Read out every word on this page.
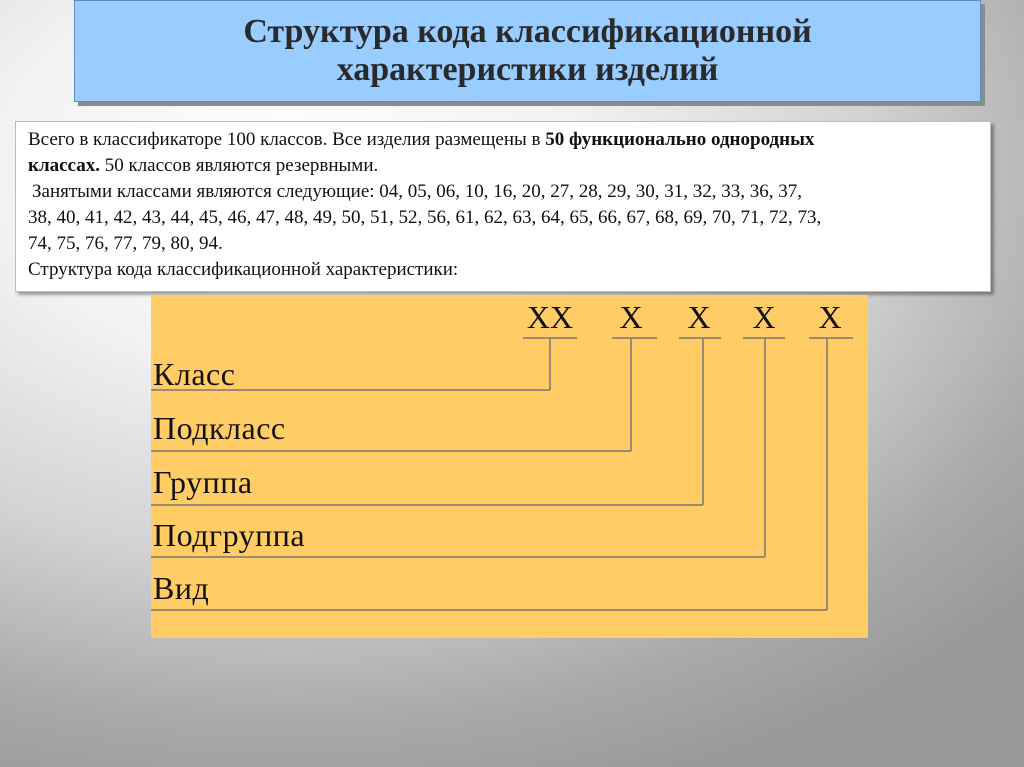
Структура кода классификационной
характеристики изделий
Всего в классификаторе 100 классов. Все изделия размещены в 50 функционально однородных
классах. 50 классов являются резервными.
Занятыми классами являются следующие: 04, 05, 06, 10, 16, 20, 27, 28, 29, 30, 31, 32, 33, 36, 37,
38, 40, 41, 42, 43, 44, 45, 46, 47, 48, 49, 50, 51, 52, 56, 61, 62, 63, 64, 65, 66, 67, 68, 69, 70, 71, 72, 73,
74, 75, 76, 77, 79, 80, 94.
Структура кода классификационной характеристики:
XX X X X X
Класс
Подкласс
Группа
Подгруппа
Вид
